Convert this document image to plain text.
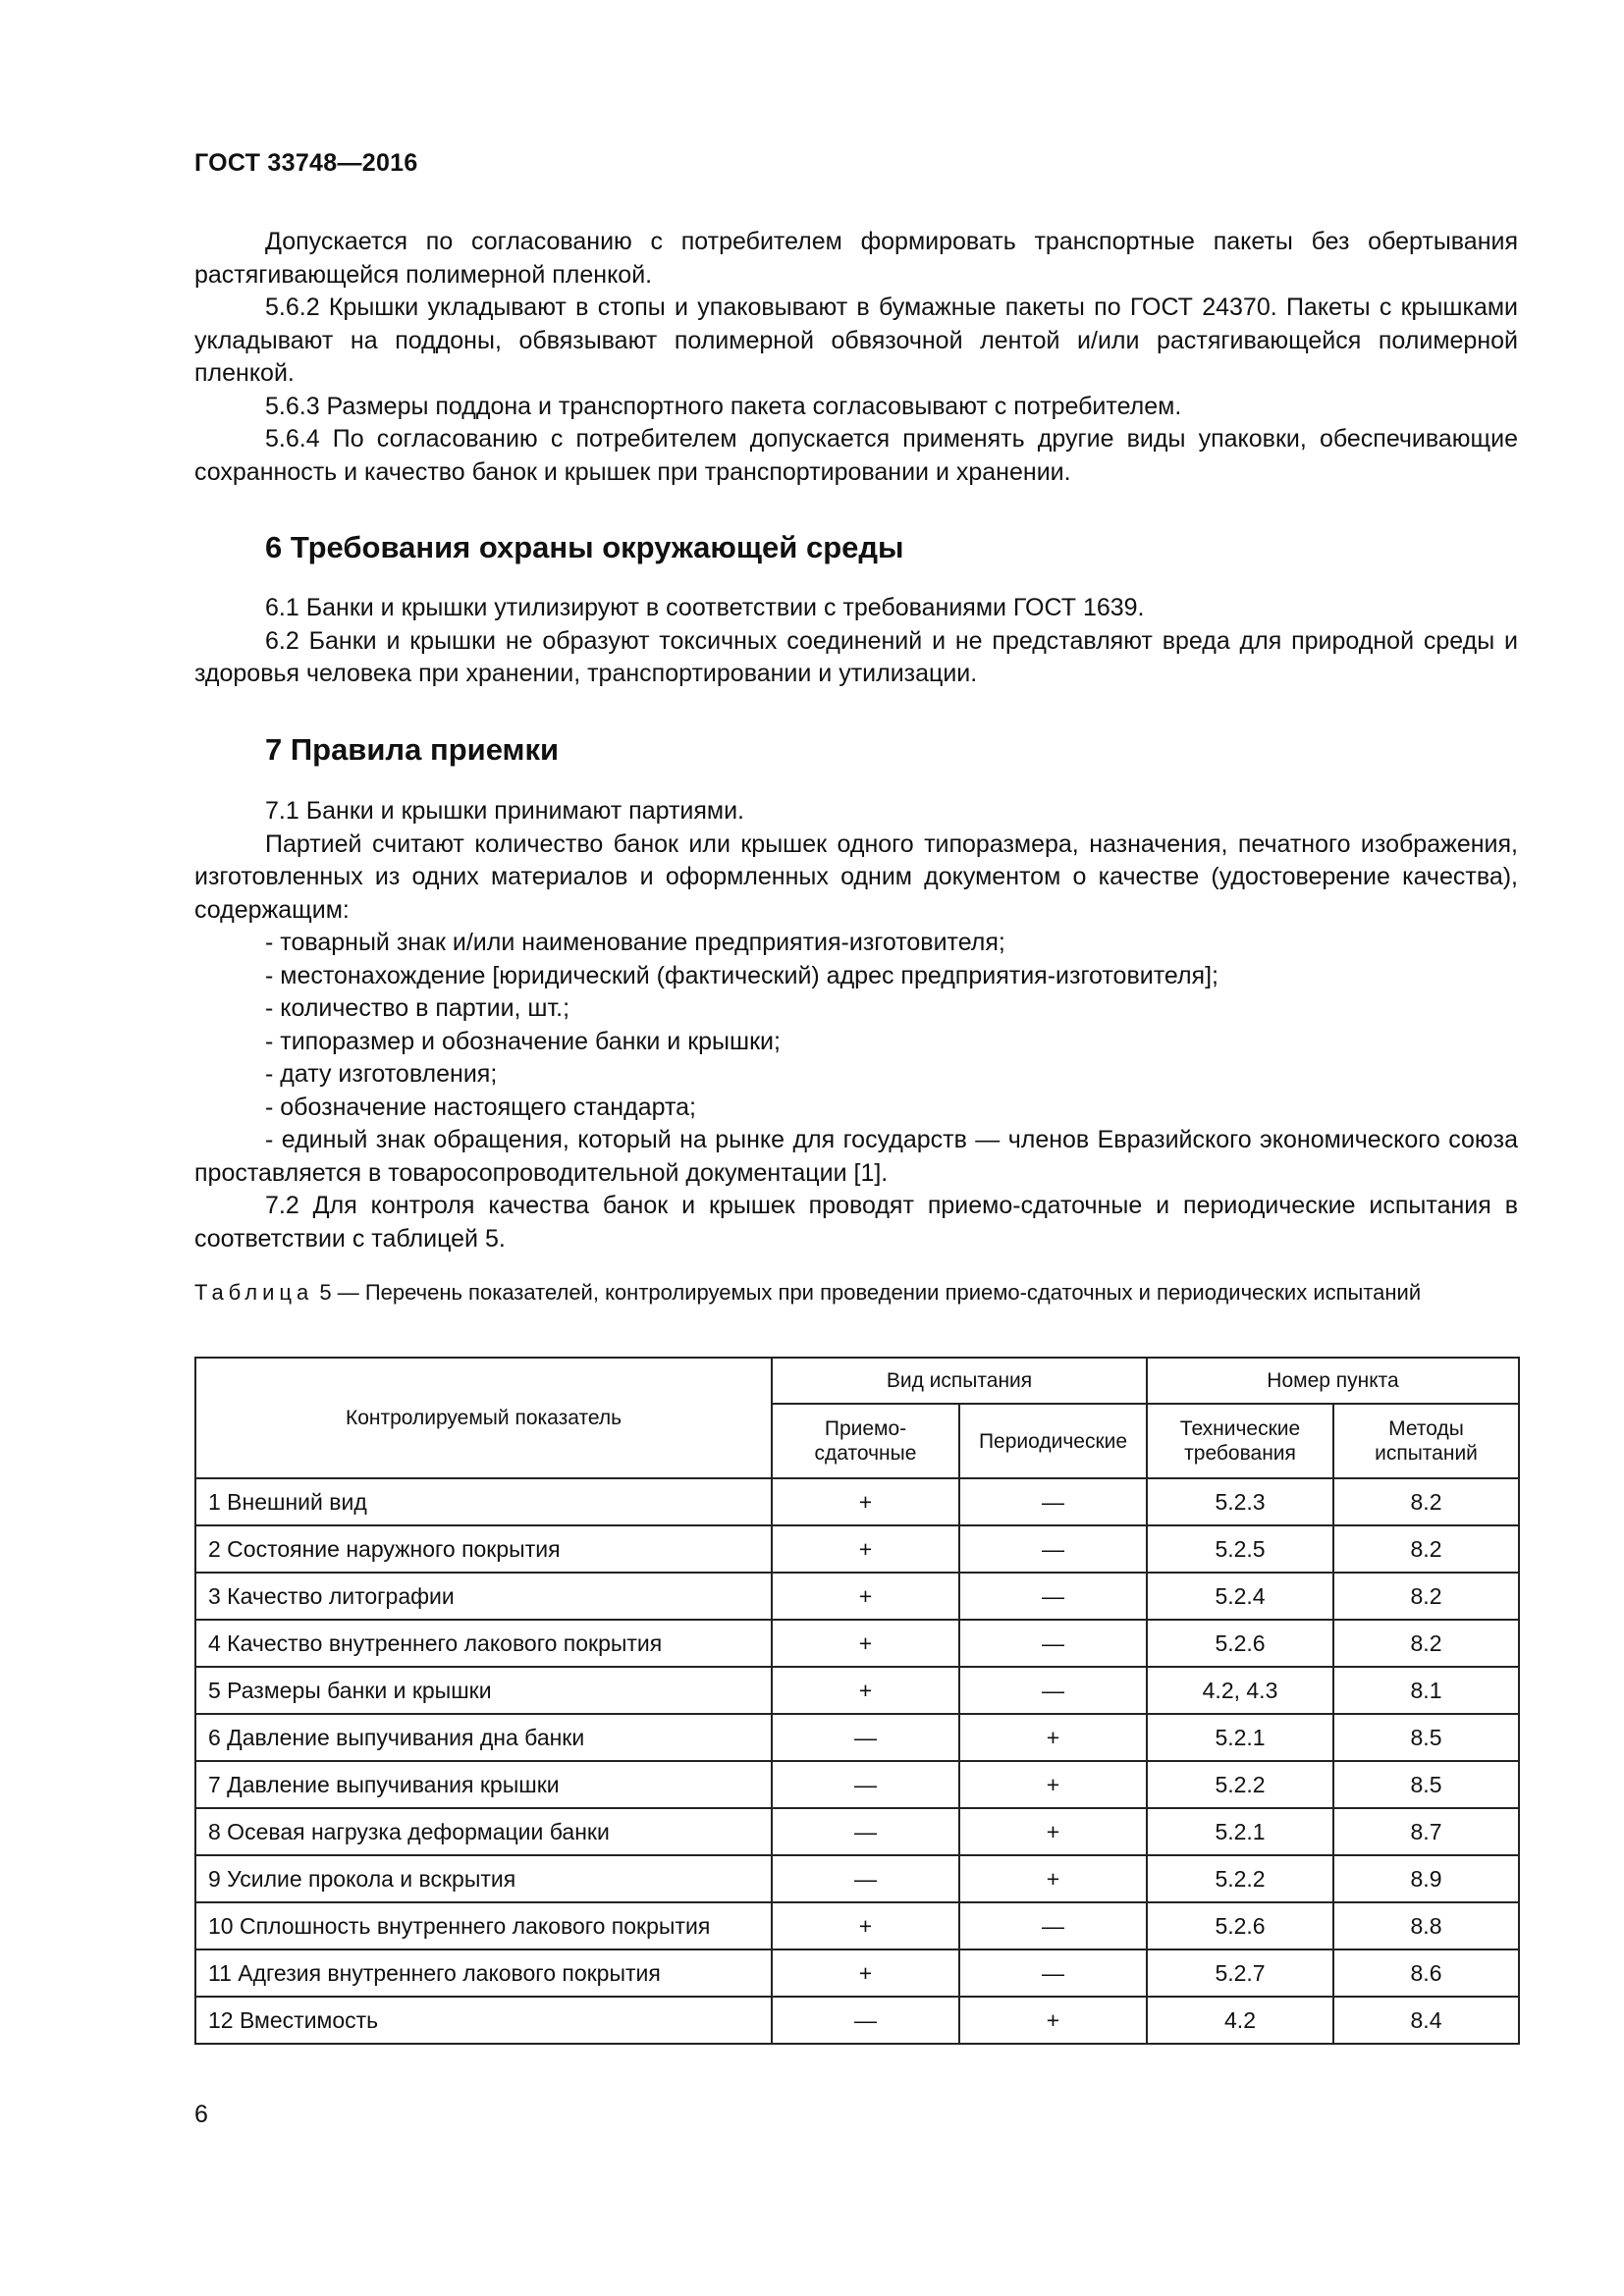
ГОСТ 33748—2016

Допускается по согласованию с потребителем формировать транспортные пакеты без обертывания растягивающейся полимерной пленкой.

5.6.2 Крышки укладывают в стопы и упаковывают в бумажные пакеты по ГОСТ 24370. Пакеты с крышками укладывают на поддоны, обвязывают полимерной обвязочной лентой и/или растягивающейся полимерной пленкой.

5.6.3 Размеры поддона и транспортного пакета согласовывают с потребителем.

5.6.4 По согласованию с потребителем допускается применять другие виды упаковки, обеспечивающие сохранность и качество банок и крышек при транспортировании и хранении.

6 Требования охраны окружающей среды

6.1 Банки и крышки утилизируют в соответствии с требованиями ГОСТ 1639.

6.2 Банки и крышки не образуют токсичных соединений и не представляют вреда для природной среды и здоровья человека при хранении, транспортировании и утилизации.

7 Правила приемки

7.1 Банки и крышки принимают партиями.

Партией считают количество банок или крышек одного типоразмера, назначения, печатного изображения, изготовленных из одних материалов и оформленных одним документом о качестве (удостоверение качества), содержащим:

- товарный знак и/или наименование предприятия-изготовителя;

- местонахождение [юридический (фактический) адрес предприятия-изготовителя];

- количество в партии, шт.;

- типоразмер и обозначение банки и крышки;

- дату изготовления;

- обозначение настоящего стандарта;

- единый знак обращения, который на рынке для государств — членов Евразийского экономического союза проставляется в товаросопроводительной документации [1].

7.2 Для контроля качества банок и крышек проводят приемо-сдаточные и периодические испытания в соответствии с таблицей 5.

Таблица 5 — Перечень показателей, контролируемых при проведении приемо-сдаточных и периодических испытаний
Контролируемый показатель	Вид испытания		Номер пункта	
	Приемо-сдаточные	Периодические	Технические требования	Методы испытаний
1 Внешний вид	+	—	5.2.3	8.2
2 Состояние наружного покрытия	+	—	5.2.5	8.2
3 Качество литографии	+	—	5.2.4	8.2
4 Качество внутреннего лакового покрытия	+	—	5.2.6	8.2
5 Размеры банки и крышки	+	—	4.2, 4.3	8.1
6 Давление выпучивания дна банки	—	+	5.2.1	8.5
7 Давление выпучивания крышки	—	+	5.2.2	8.5
8 Осевая нагрузка деформации банки	—	+	5.2.1	8.7
9 Усилие прокола и вскрытия	—	+	5.2.2	8.9
10 Сплошность внутреннего лакового покрытия	+	—	5.2.6	8.8
11 Адгезия внутреннего лакового покрытия	+	—	5.2.7	8.6
12 Вместимость	—	+	4.2	8.4
6
